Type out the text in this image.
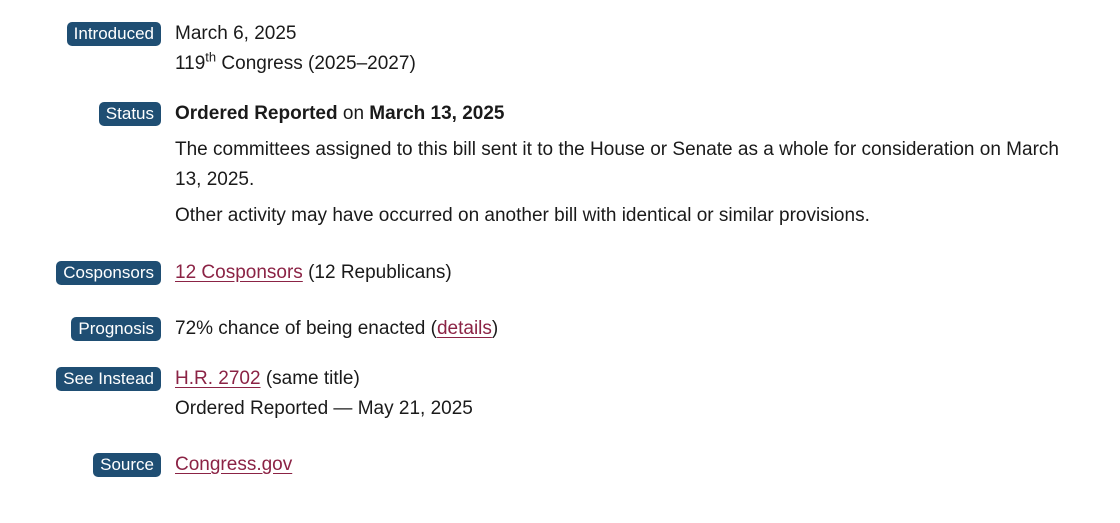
Introduced	March 6, 2025

119th Congress (2025–2027)

Status	Ordered Reported on March 13, 2025

The committees assigned to this bill sent it to the House or Senate as a whole for consideration on March 13, 2025.

Other activity may have occurred on another bill with identical or similar provisions.

Cosponsors	12 Cosponsors (12 Republicans)

Prognosis	72% chance of being enacted (details)

See Instead	H.R. 2702 (same title)

Ordered Reported — May 21, 2025

Source	Congress.gov
